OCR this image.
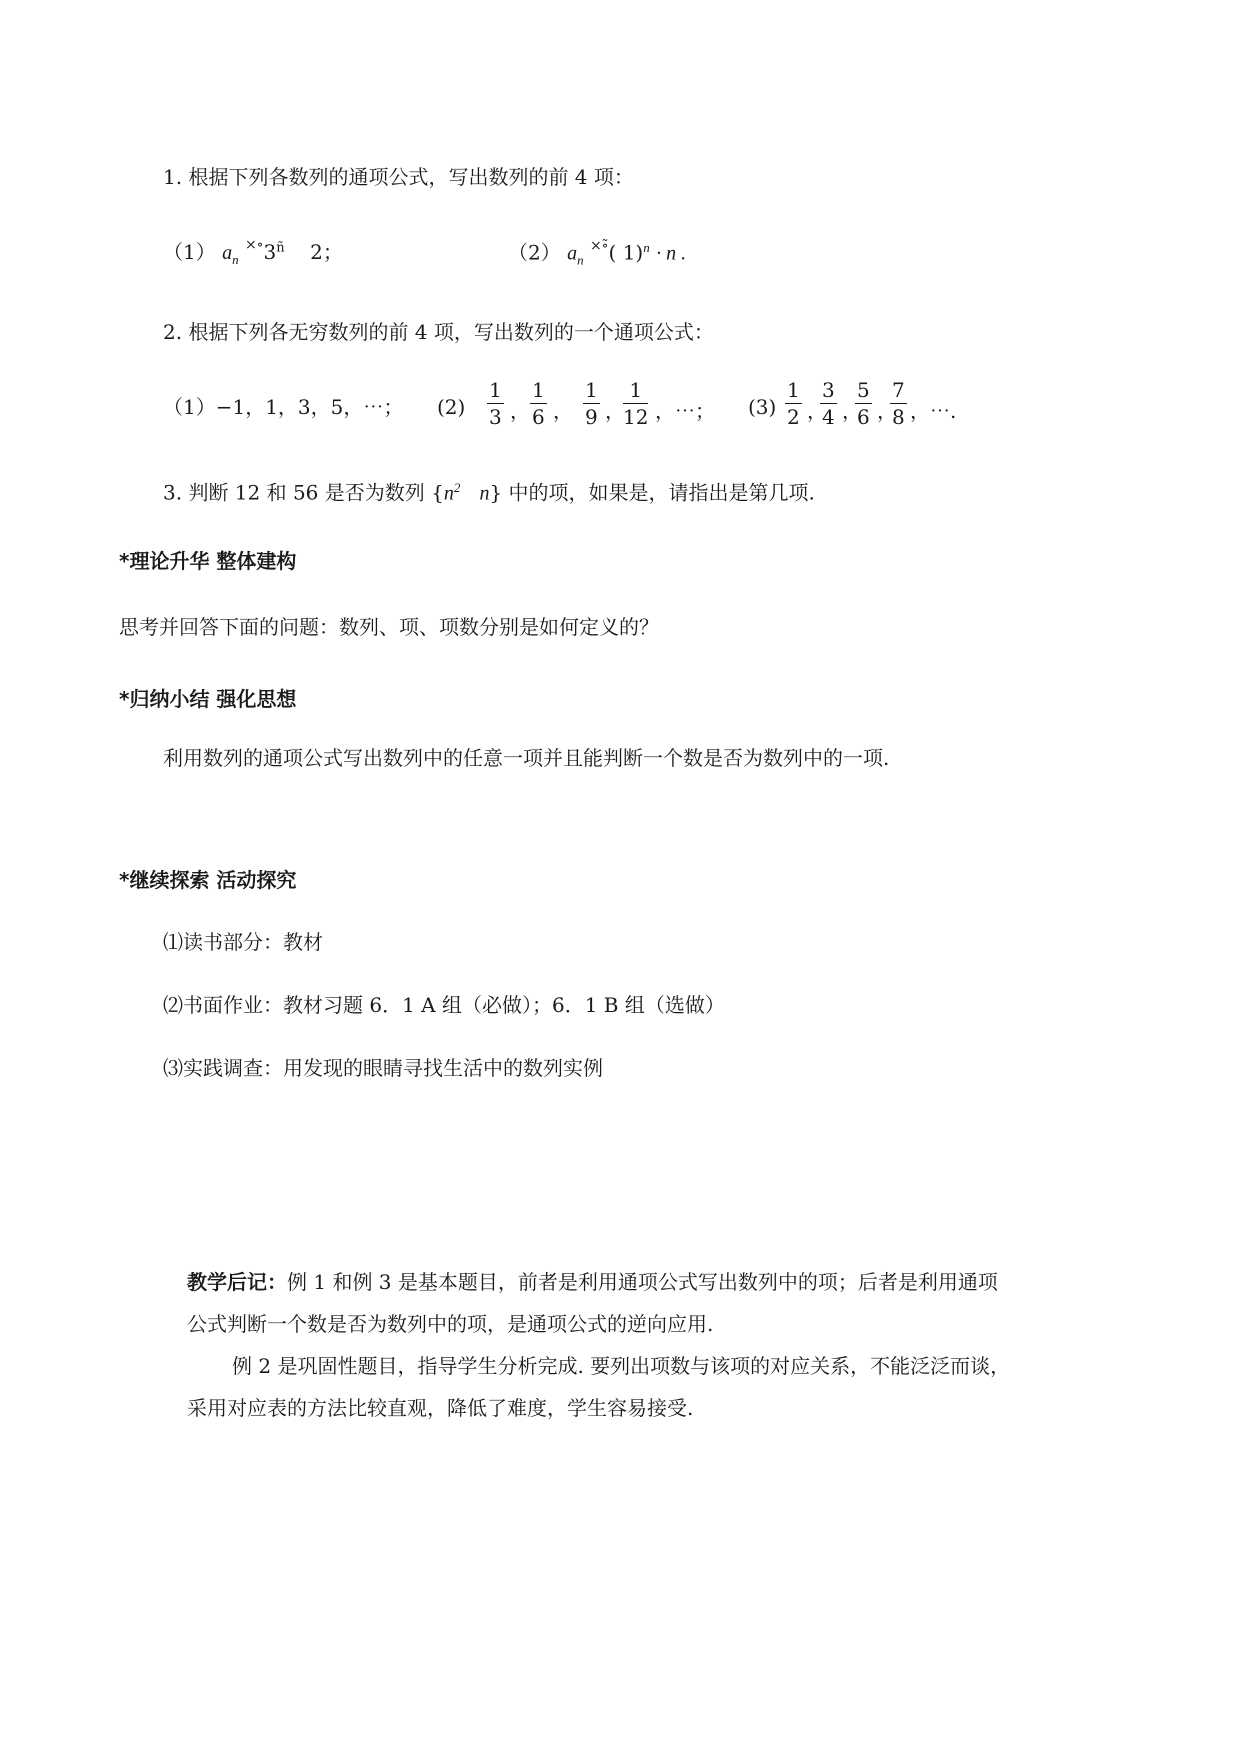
1. 根据下列各数列的通项公式，写出数列的前 4 项：
（1） $a_n$ $^{\times\circ}3^{ñ}$ 2；	（2） $a_n$ ×∘̃( 1)$^n$ · n .
2. 根据下列各无穷数列的前 4 项，写出数列的一个通项公式：
（1）−1，1，3，5，⋯； $(2) \frac{1}{3}$ ， $\frac{1}{6}$ ， $\frac{1}{9}$ ，
$\frac{1}{12}$ ，⋯； $(3) \frac{1}{2}$ ，
$\frac{3}{4}$ ，
$\frac{5}{6}$ ，
$\frac{7}{8}$ ，⋯.
3. 判断 12 和 56 是否为数列 {$n^2$ n} 中的项，如果是，请指出是第几项.
*理论升华 整体建构
思考并回答下面的问题：数列、项、项数分别是如何定义的？
*归纳小结 强化思想
利用数列的通项公式写出数列中的任意一项并且能判断一个数是否为数列中的一项.
*继续探索 活动探究
⑴读书部分：教材
⑵书面作业：教材习题 6．1 A 组（必做）；6．1 B 组（选做）
⑶实践调查：用发现的眼睛寻找生活中的数列实例
教学后记：例 1 和例 3 是基本题目，前者是利用通项公式写出数列中的项；后者是利用通项
公式判断一个数是否为数列中的项，是通项公式的逆向应用.
例 2 是巩固性题目，指导学生分析完成. 要列出项数与该项的对应关系，不能泛泛而谈，
采用对应表的方法比较直观，降低了难度，学生容易接受.
